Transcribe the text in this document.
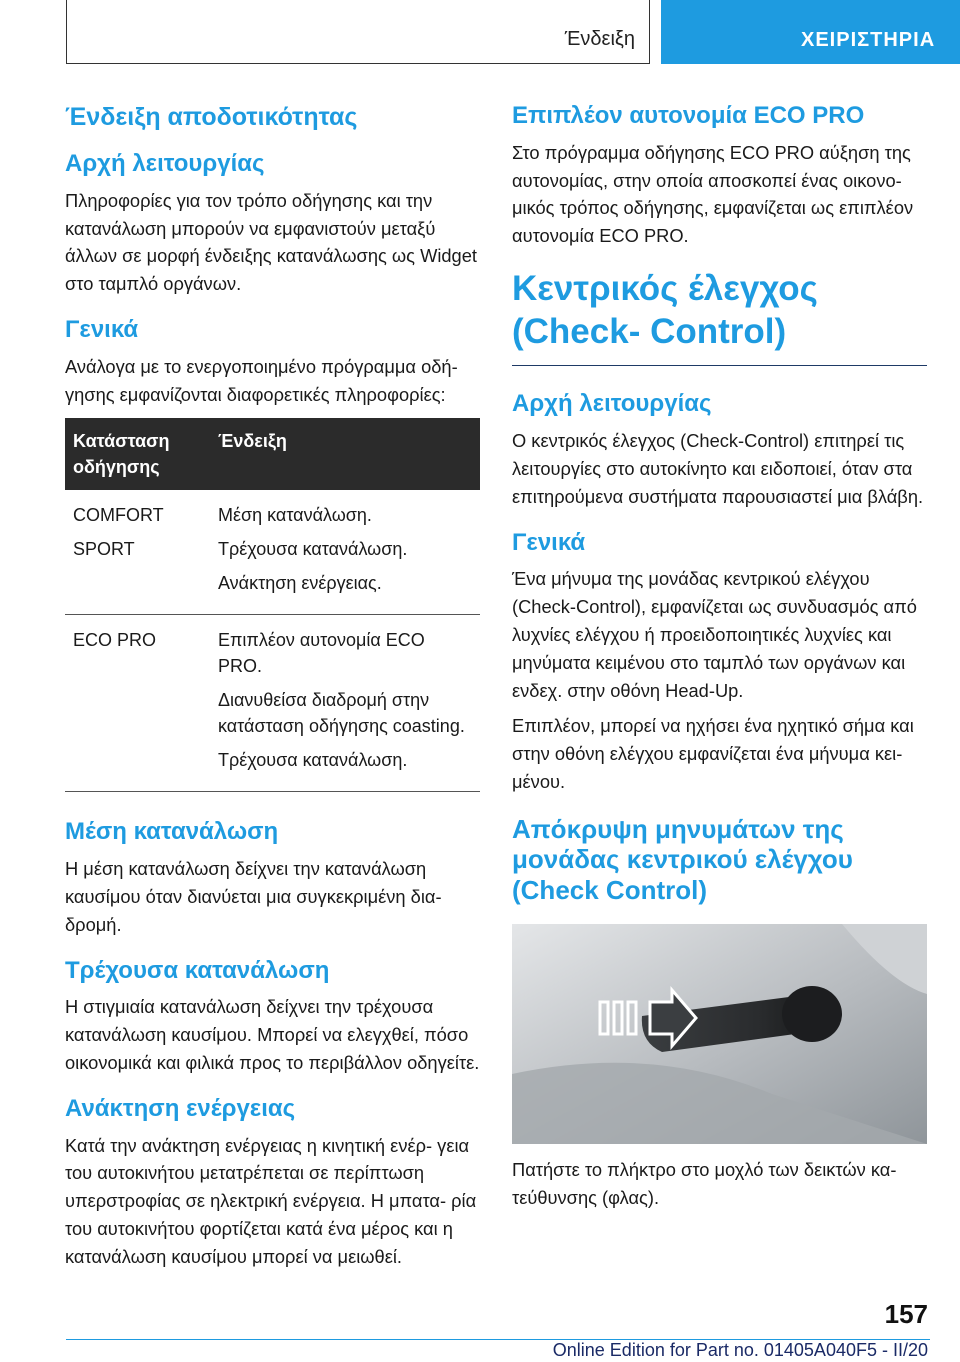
Ένδειξη	ΧΕΙΡΙΣΤΗΡΙΑ
Ένδειξη αποδοτικότητας
Αρχή λειτουργίας

Πληροφορίες για τον τρόπο οδήγησης και την κατανάλωση μπορούν να εμφανιστούν μεταξύ άλλων σε μορφή ένδειξης κατανάλωσης ως Widget στο ταμπλό οργάνων.

Γενικά

Ανάλογα με το ενεργοποιημένο πρόγραμμα οδή- γησης εμφανίζονται διαφορετικές πληροφορίες:

Κατάσταση οδήγησης
Ένδειξη
COMFORT
SPORT
Μέση κατανάλωση.
Τρέχουσα κατανάλωση.
Ανάκτηση ενέργειας.
ECO PRO	Επιπλέον αυτονομία ECO PRO.
Διανυθείσα διαδρομή στην κατάσταση οδήγησης coasting.
Τρέχουσα κατανάλωση.
Μέση κατανάλωση

Η μέση κατανάλωση δείχνει την κατανάλωση καυσίμου όταν διανύεται μια συγκεκριμένη δια- δρομή.

Τρέχουσα κατανάλωση

Η στιγμιαία κατανάλωση δείχνει την τρέχουσα κατανάλωση καυσίμου. Μπορεί να ελεγχθεί, πόσο οικονομικά και φιλικά προς το περιβάλλον οδηγείτε.

Ανάκτηση ενέργειας

Κατά την ανάκτηση ενέργειας η κινητική ενέρ- γεια του αυτοκινήτου μετατρέπεται σε περίπτωση υπερστροφίας σε ηλεκτρική ενέργεια. Η μπατα- ρία του αυτοκινήτου φορτίζεται κατά ένα μέρος και η κατανάλωση καυσίμου μπορεί να μειωθεί.

Επιπλέον αυτονομία ECO PRO

Στο πρόγραμμα οδήγησης ECO PRO αύξηση της αυτονομίας, στην οποία αποσκοπεί ένας οικονο- μικός τρόπος οδήγησης, εμφανίζεται ως επιπλέον αυτονομία ECO PRO.

Κεντρικός έλεγχος (Check- Control)
Αρχή λειτουργίας

Ο κεντρικός έλεγχος (Check-Control) επιτηρεί τις λειτουργίες στο αυτοκίνητο και ειδοποιεί, όταν στα επιτηρούμενα συστήματα παρουσιαστεί μια βλάβη.

Γενικά

Ένα μήνυμα της μονάδας κεντρικού ελέγχου (Check-Control), εμφανίζεται ως συνδυασμός από λυχνίες ελέγχου ή προειδοποιητικές λυχνίες και μηνύματα κειμένου στο ταμπλό των οργάνων και ενδεχ. στην οθόνη Head-Up.

Επιπλέον, μπορεί να ηχήσει ένα ηχητικό σήμα και στην οθόνη ελέγχου εμφανίζεται ένα μήνυμα κει- μένου.

Απόκρυψη μηνυμάτων της μονάδας κεντρικού ελέγχου (Check Control)

Πατήστε το πλήκτρο στο μοχλό των δεικτών κα- τεύθυνσης (φλας).

157
Online Edition for Part no. 01405A040F5 - II/20
